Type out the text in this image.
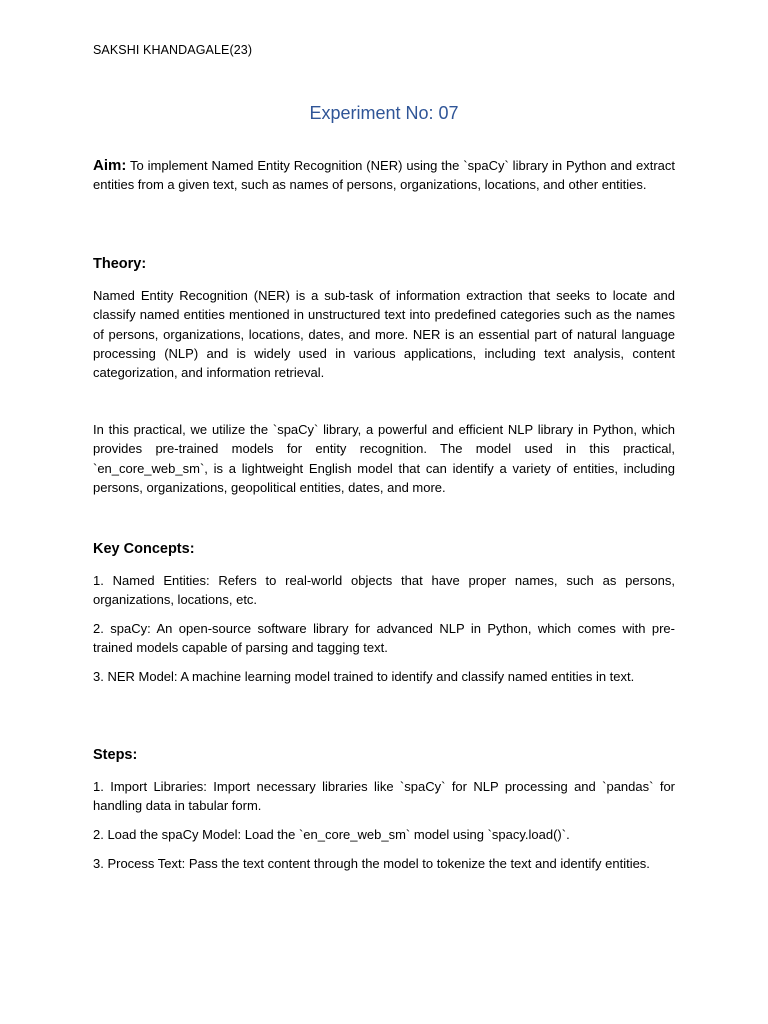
SAKSHI KHANDAGALE(23)
Experiment No: 07
Aim: To implement Named Entity Recognition (NER) using the `spaCy` library in Python and extract entities from a given text, such as names of persons, organizations, locations, and other entities.
Theory:
Named Entity Recognition (NER) is a sub-task of information extraction that seeks to locate and classify named entities mentioned in unstructured text into predefined categories such as the names of persons, organizations, locations, dates, and more. NER is an essential part of natural language processing (NLP) and is widely used in various applications, including text analysis, content categorization, and information retrieval.
In this practical, we utilize the `spaCy` library, a powerful and efficient NLP library in Python, which provides pre-trained models for entity recognition. The model used in this practical, `en_core_web_sm`, is a lightweight English model that can identify a variety of entities, including persons, organizations, geopolitical entities, dates, and more.
Key Concepts:
1. Named Entities: Refers to real-world objects that have proper names, such as persons, organizations, locations, etc.
2. spaCy: An open-source software library for advanced NLP in Python, which comes with pre-trained models capable of parsing and tagging text.
3. NER Model: A machine learning model trained to identify and classify named entities in text.
Steps:
1. Import Libraries: Import necessary libraries like `spaCy` for NLP processing and `pandas` for handling data in tabular form.
2. Load the spaCy Model: Load the `en_core_web_sm` model using `spacy.load()`.
3. Process Text: Pass the text content through the model to tokenize the text and identify entities.
